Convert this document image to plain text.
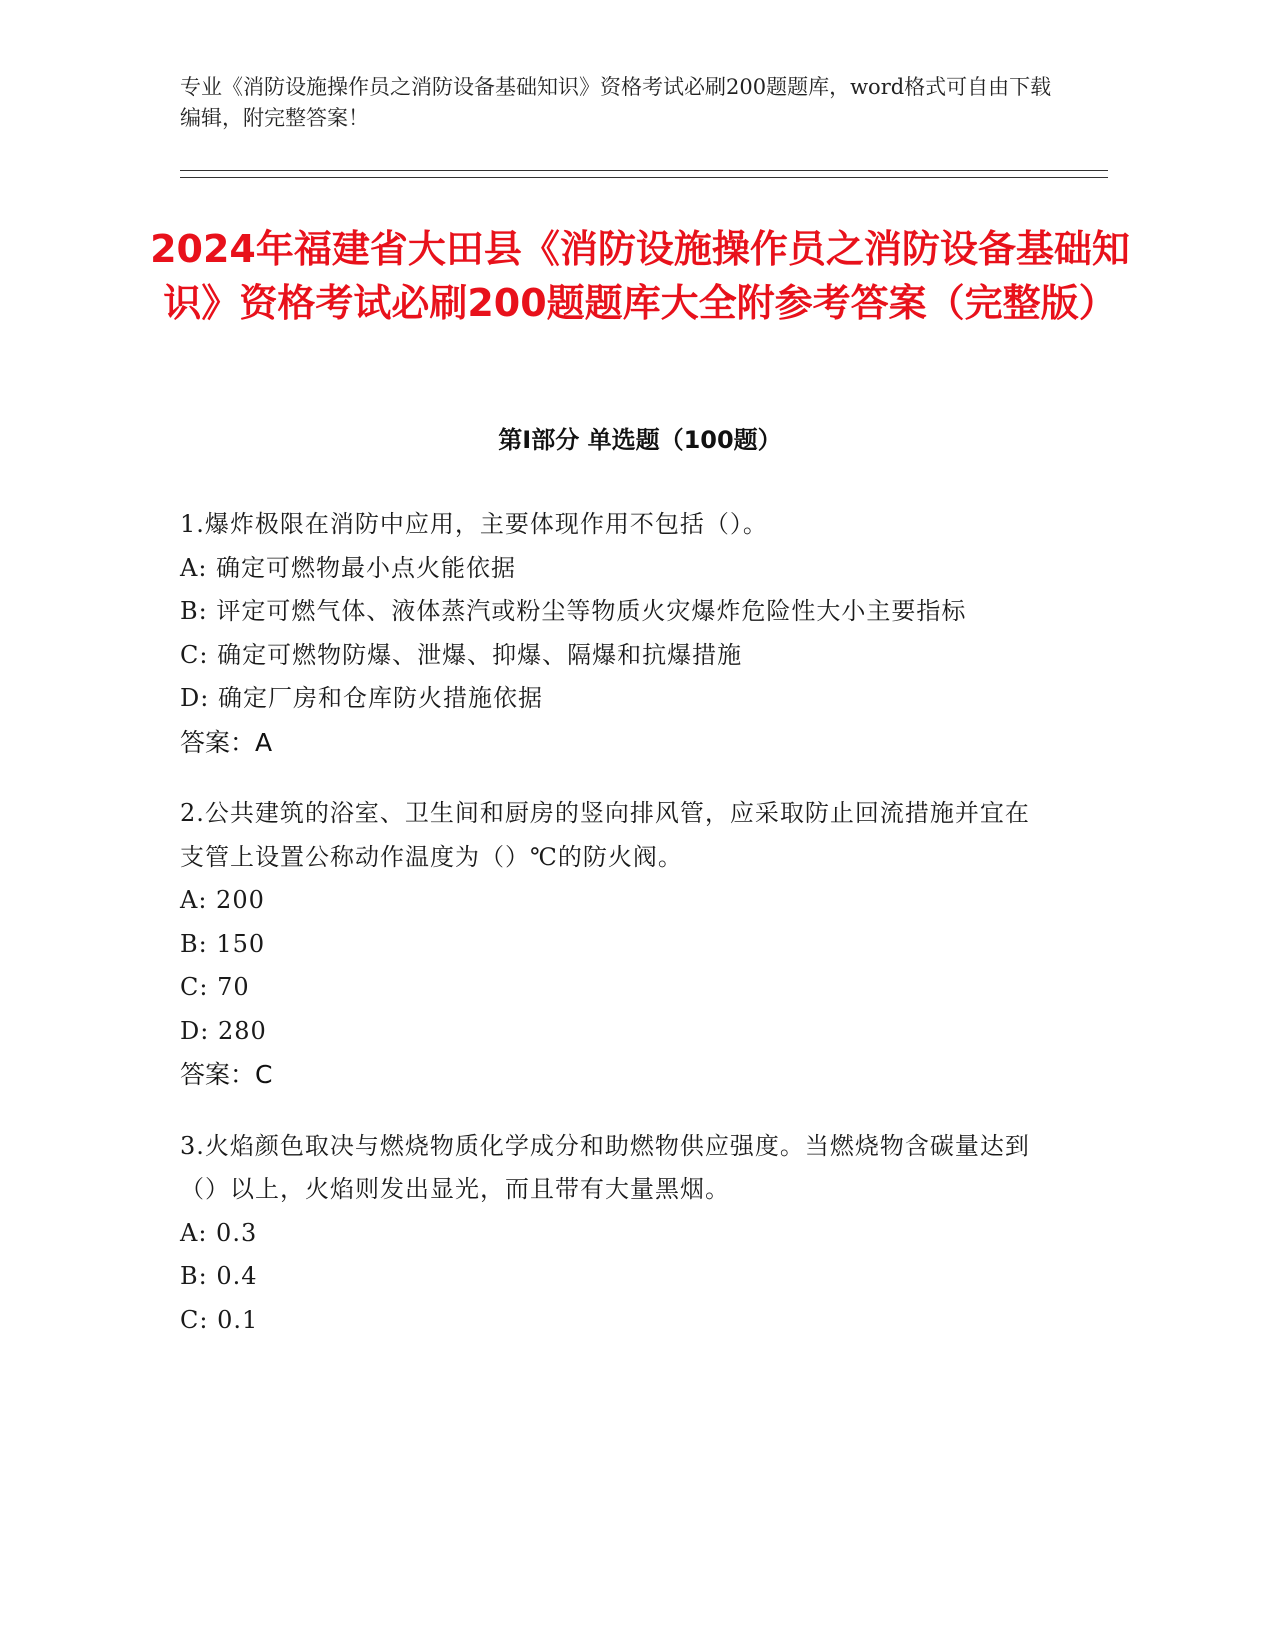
专业《消防设施操作员之消防设备基础知识》资格考试必刷200题题库，word格式可自由下载编辑，附完整答案！

2024年福建省大田县《消防设施操作员之消防设备基础知识》资格考试必刷200题题库大全附参考答案（完整版）
第Ⅰ部分 单选题（100题）

1.爆炸极限在消防中应用，主要体现作用不包括（）。

A: 确定可燃物最小点火能依据

B: 评定可燃气体、液体蒸汽或粉尘等物质火灾爆炸危险性大小主要指标

C: 确定可燃物防爆、泄爆、抑爆、隔爆和抗爆措施

D: 确定厂房和仓库防火措施依据

答案：A

2.公共建筑的浴室、卫生间和厨房的竖向排风管，应采取防止回流措施并宜在支管上设置公称动作温度为（）℃的防火阀。

A: 200

B: 150

C: 70

D: 280

答案：C

3.火焰颜色取决与燃烧物质化学成分和助燃物供应强度。当燃烧物含碳量达到（）以上，火焰则发出显光，而且带有大量黑烟。

A: 0.3

B: 0.4

C: 0.1
